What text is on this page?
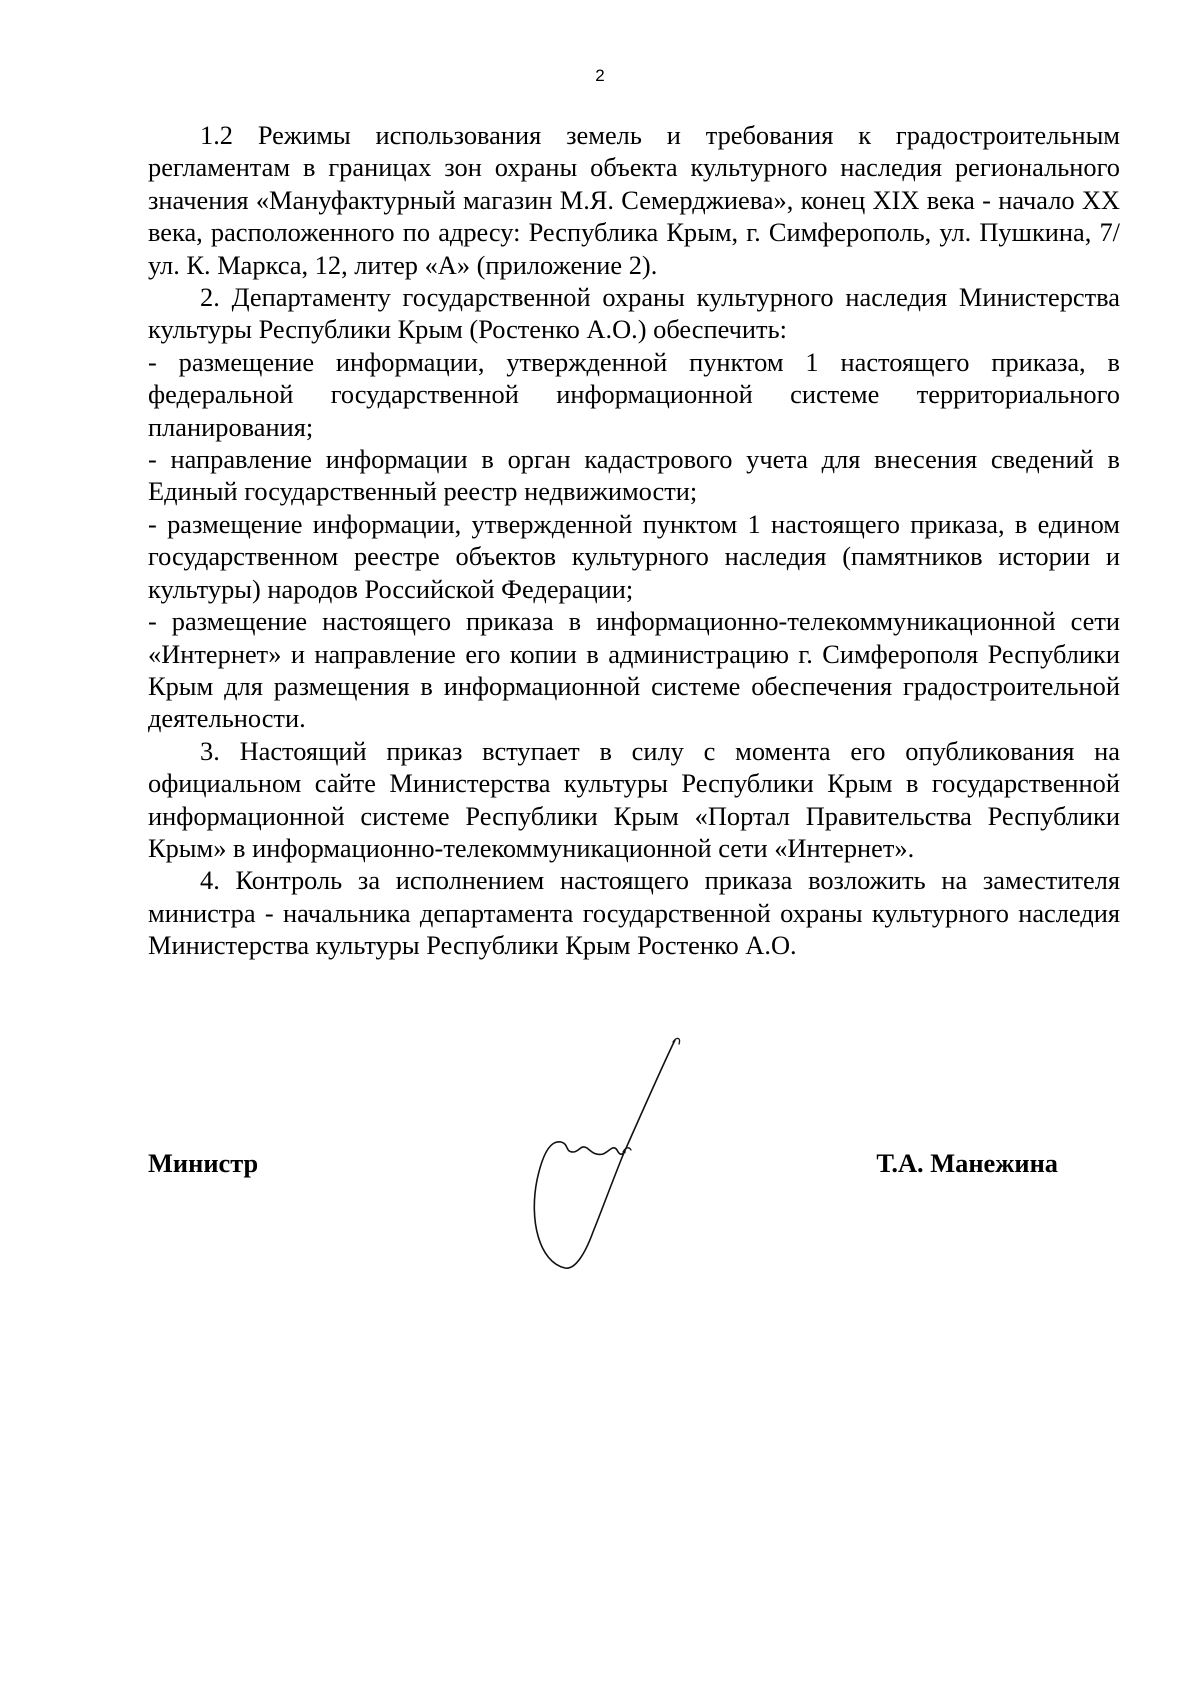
2

1.2 Режимы использования земель и требования к градостроительным регламентам в границах зон охраны объекта культурного наследия регионального значения «Мануфактурный магазин М.Я. Семерджиева», конец XIX века - начало XX века, расположенного по адресу: Республика Крым, г. Симферополь, ул. Пушкина, 7/ул. К. Маркса, 12, литер «А» (приложение 2).

2. Департаменту государственной охраны культурного наследия Министерства культуры Республики Крым (Ростенко А.О.) обеспечить:

- размещение информации, утвержденной пунктом 1 настоящего приказа, в федеральной государственной информационной системе территориального планирования;

- направление информации в орган кадастрового учета для внесения сведений в Единый государственный реестр недвижимости;

- размещение информации, утвержденной пунктом 1 настоящего приказа, в едином государственном реестре объектов культурного наследия (памятников истории и культуры) народов Российской Федерации;

- размещение настоящего приказа в информационно-телекоммуникационной сети «Интернет» и направление его копии в администрацию г. Симферополя Республики Крым для размещения в информационной системе обеспечения градостроительной деятельности.

3. Настоящий приказ вступает в силу с момента его опубликования на официальном сайте Министерства культуры Республики Крым в государственной информационной системе Республики Крым «Портал Правительства Республики Крым» в информационно-телекоммуникационной сети «Интернет».

4. Контроль за исполнением настоящего приказа возложить на заместителя министра - начальника департамента государственной охраны культурного наследия Министерства культуры Республики Крым Ростенко А.О.

Министр	Т.А. Манежина
